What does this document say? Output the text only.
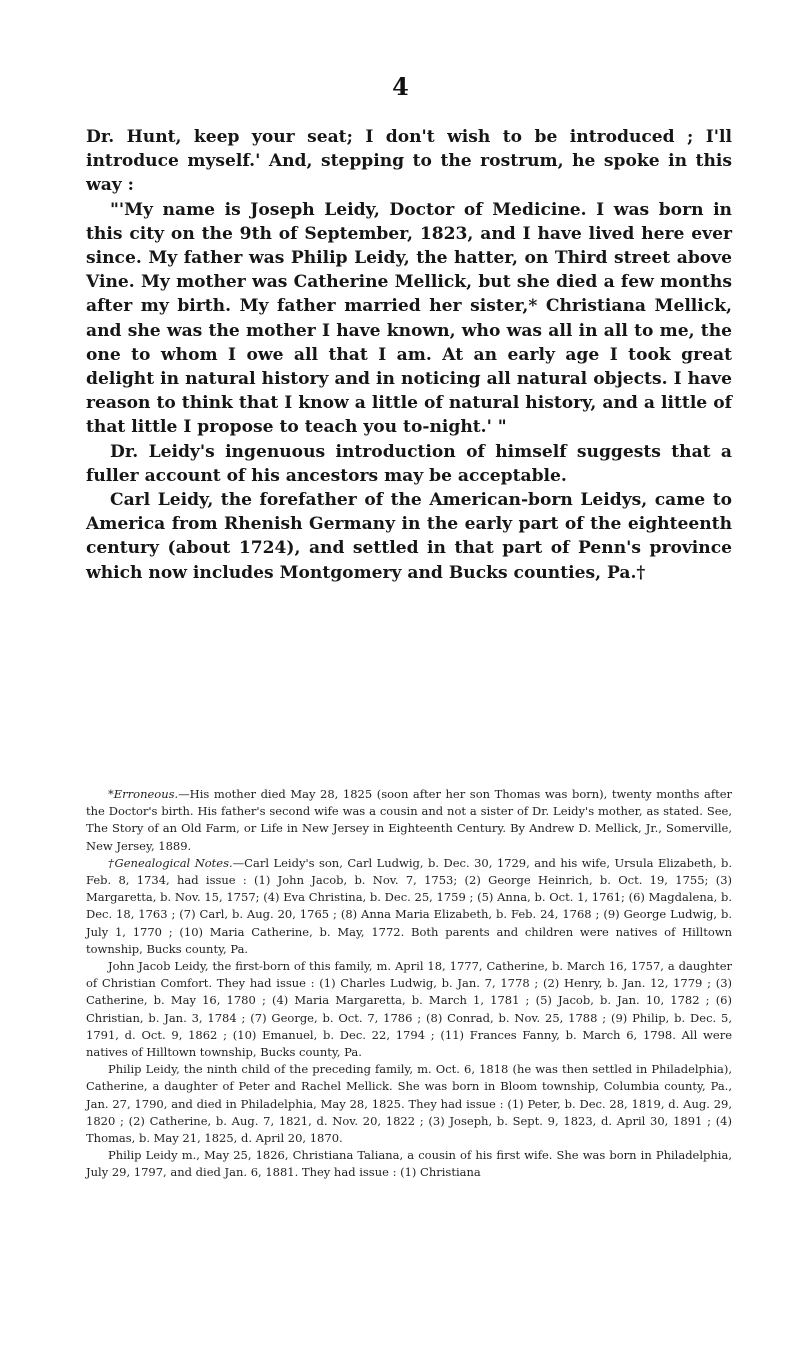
4

Dr. Hunt, keep your seat; I don't wish to be introduced ; I'll introduce myself.' And, stepping to the rostrum, he spoke in this way :

"'My name is Joseph Leidy, Doctor of Medicine. I was born in this city on the 9th of September, 1823, and I have lived here ever since. My father was Philip Leidy, the hatter, on Third street above Vine. My mother was Catherine Mellick, but she died a few months after my birth. My father married her sister,* Christiana Mellick, and she was the mother I have known, who was all in all to me, the one to whom I owe all that I am. At an early age I took great delight in natural history and in noticing all natural objects. I have reason to think that I know a little of natural history, and a little of that little I propose to teach you to-night.' "

Dr. Leidy's ingenuous introduction of himself suggests that a fuller account of his ancestors may be acceptable.

Carl Leidy, the forefather of the American-born Leidys, came to America from Rhenish Germany in the early part of the eighteenth century (about 1724), and settled in that part of Penn's province which now includes Montgomery and Bucks counties, Pa.†

*Erroneous.—His mother died May 28, 1825 (soon after her son Thomas was born), twenty months after the Doctor's birth. His father's second wife was a cousin and not a sister of Dr. Leidy's mother, as stated. See, The Story of an Old Farm, or Life in New Jersey in Eighteenth Century. By Andrew D. Mellick, Jr., Somerville, New Jersey, 1889.

†Genealogical Notes.—Carl Leidy's son, Carl Ludwig, b. Dec. 30, 1729, and his wife, Ursula Elizabeth, b. Feb. 8, 1734, had issue : (1) John Jacob, b. Nov. 7, 1753; (2) George Heinrich, b. Oct. 19, 1755; (3) Margaretta, b. Nov. 15, 1757; (4) Eva Christina, b. Dec. 25, 1759 ; (5) Anna, b. Oct. 1, 1761; (6) Magdalena, b. Dec. 18, 1763 ; (7) Carl, b. Aug. 20, 1765 ; (8) Anna Maria Elizabeth, b. Feb. 24, 1768 ; (9) George Ludwig, b. July 1, 1770 ; (10) Maria Catherine, b. May, 1772. Both parents and children were natives of Hilltown township, Bucks county, Pa.

John Jacob Leidy, the first-born of this family, m. April 18, 1777, Catherine, b. March 16, 1757, a daughter of Christian Comfort. They had issue : (1) Charles Ludwig, b. Jan. 7, 1778 ; (2) Henry, b. Jan. 12, 1779 ; (3) Catherine, b. May 16, 1780 ; (4) Maria Margaretta, b. March 1, 1781 ; (5) Jacob, b. Jan. 10, 1782 ; (6) Christian, b. Jan. 3, 1784 ; (7) George, b. Oct. 7, 1786 ; (8) Conrad, b. Nov. 25, 1788 ; (9) Philip, b. Dec. 5, 1791, d. Oct. 9, 1862 ; (10) Emanuel, b. Dec. 22, 1794 ; (11) Frances Fanny, b. March 6, 1798. All were natives of Hilltown township, Bucks county, Pa.

Philip Leidy, the ninth child of the preceding family, m. Oct. 6, 1818 (he was then settled in Philadelphia), Catherine, a daughter of Peter and Rachel Mellick. She was born in Bloom township, Columbia county, Pa., Jan. 27, 1790, and died in Philadelphia, May 28, 1825. They had issue : (1) Peter, b. Dec. 28, 1819, d. Aug. 29, 1820 ; (2) Catherine, b. Aug. 7, 1821, d. Nov. 20, 1822 ; (3) Joseph, b. Sept. 9, 1823, d. April 30, 1891 ; (4) Thomas, b. May 21, 1825, d. April 20, 1870.

Philip Leidy m., May 25, 1826, Christiana Taliana, a cousin of his first wife. She was born in Philadelphia, July 29, 1797, and died Jan. 6, 1881. They had issue : (1) Christiana
